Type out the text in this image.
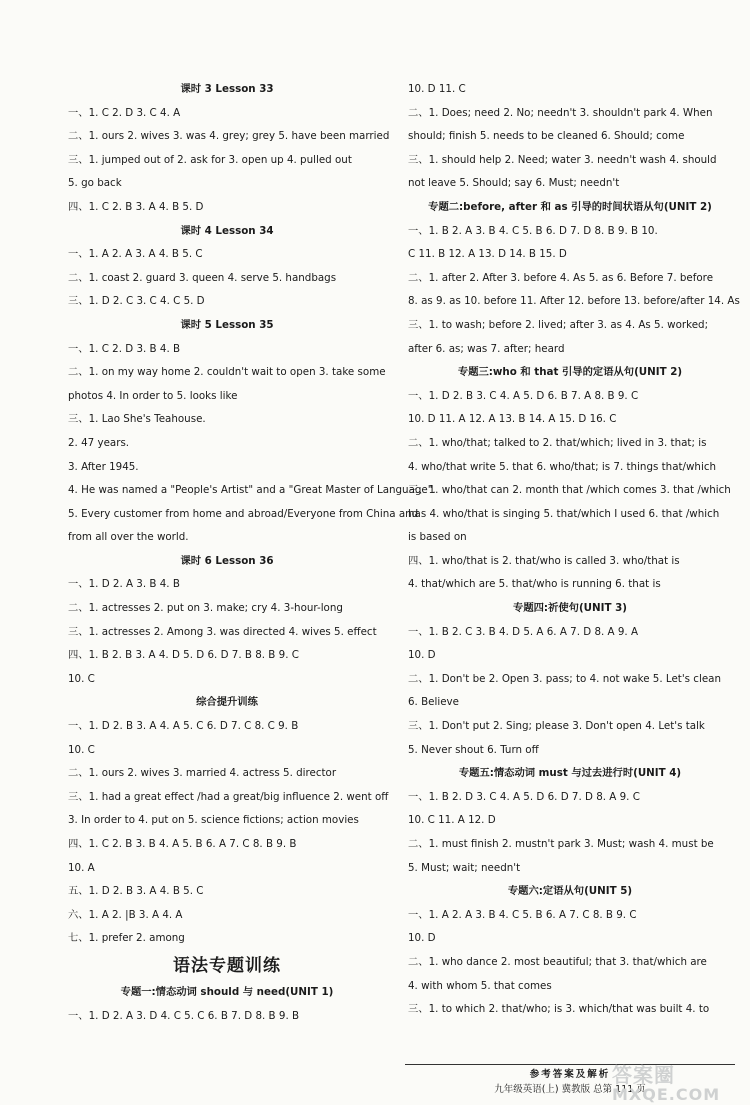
课时 3 Lesson 33
一、1. C 2. D 3. C 4. A
二、1. ours 2. wives 3. was 4. grey; grey 5. have been married
三、1. jumped out of 2. ask for 3. open up 4. pulled out
5. go back
四、1. C 2. B 3. A 4. B 5. D
课时 4 Lesson 34
一、1. A 2. A 3. A 4. B 5. C
二、1. coast 2. guard 3. queen 4. serve 5. handbags
三、1. D 2. C 3. C 4. C 5. D
课时 5 Lesson 35
一、1. C 2. D 3. B 4. B
二、1. on my way home 2. couldn't wait to open 3. take some
photos 4. In order to 5. looks like
三、1. Lao She's Teahouse.
2. 47 years.
3. After 1945.
4. He was named a "People's Artist" and a "Great Master of Language".
5. Every customer from home and abroad/Everyone from China and
from all over the world.
课时 6 Lesson 36
一、1. D 2. A 3. B 4. B
二、1. actresses 2. put on 3. make; cry 4. 3-hour-long
三、1. actresses 2. Among 3. was directed 4. wives 5. effect
四、1. B 2. B 3. A 4. D 5. D 6. D 7. B 8. B 9. C
10. C
综合提升训练
一、1. D 2. B 3. A 4. A 5. C 6. D 7. C 8. C 9. B
10. C
二、1. ours 2. wives 3. married 4. actress 5. director
三、1. had a great effect /had a great/big influence 2. went off
3. In order to 4. put on 5. science fictions; action movies
四、1. C 2. B 3. B 4. A 5. B 6. A 7. C 8. B 9. B
10. A
五、1. D 2. B 3. A 4. B 5. C
六、1. A 2. |B 3. A 4. A
七、1. prefer 2. among
语法专题训练
专题一:情态动词 should 与 need(UNIT 1)
一、1. D 2. A 3. D 4. C 5. C 6. B 7. D 8. B 9. B
10. D 11. C
二、1. Does; need 2. No; needn't 3. shouldn't park 4. When
should; finish 5. needs to be cleaned 6. Should; come
三、1. should help 2. Need; water 3. needn't wash 4. should
not leave 5. Should; say 6. Must; needn't
专题二:before, after 和 as 引导的时间状语从句(UNIT 2)
一、1. B 2. A 3. B 4. C 5. B 6. D 7. D 8. B 9. B 10.
C 11. B 12. A 13. D 14. B 15. D
二、1. after 2. After 3. before 4. As 5. as 6. Before 7. before
8. as 9. as 10. before 11. After 12. before 13. before/after 14. As
三、1. to wash; before 2. lived; after 3. as 4. As 5. worked;
after 6. as; was 7. after; heard
专题三:who 和 that 引导的定语从句(UNIT 2)
一、1. D 2. B 3. C 4. A 5. D 6. B 7. A 8. B 9. C
10. D 11. A 12. A 13. B 14. A 15. D 16. C
二、1. who/that; talked to 2. that/which; lived in 3. that; is
4. who/that write 5. that 6. who/that; is 7. things that/which
三、1. who/that can 2. month that /which comes 3. that /which
has 4. who/that is singing 5. that/which I used 6. that /which
is based on
四、1. who/that is 2. that/who is called 3. who/that is
4. that/which are 5. that/who is running 6. that is
专题四:祈使句(UNIT 3)
一、1. B 2. C 3. B 4. D 5. A 6. A 7. D 8. A 9. A
10. D
二、1. Don't be 2. Open 3. pass; to 4. not wake 5. Let's clean
6. Believe
三、1. Don't put 2. Sing; please 3. Don't open 4. Let's talk
5. Never shout 6. Turn off
专题五:情态动词 must 与过去进行时(UNIT 4)
一、1. B 2. D 3. C 4. A 5. D 6. D 7. D 8. A 9. C
10. C 11. A 12. D
二、1. must finish 2. mustn't park 3. Must; wash 4. must be
5. Must; wait; needn't
专题六:定语从句(UNIT 5)
一、1. A 2. A 3. B 4. C 5. B 6. A 7. C 8. B 9. C
10. D
二、1. who dance 2. most beautiful; that 3. that/which are
4. with whom 5. that comes
三、1. to which 2. that/who; is 3. which/that was built 4. to
参考答案及解析
九年级英语(上) 冀教版 总第 111 页
答案圈
MXQE.COM
